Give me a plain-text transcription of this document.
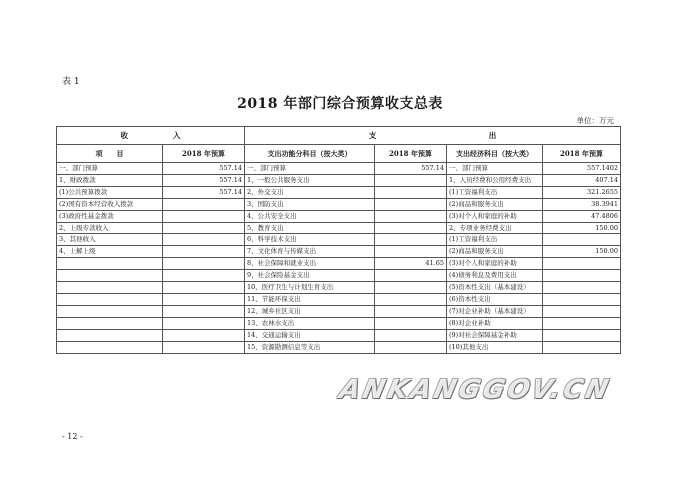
表 1
2018 年部门综合预算收支总表
单位：万元
收　　　　　　入		支　　　　　　　　　　　　　　　出			
项　　目	2018 年预算	支出功能分科目（按大类）	2018 年预算	支出经济科目（按大类）	2018 年预算
一、部门预算	557.14	一、部门预算	557.14	一、部门预算	557.1402
1、财政拨款	557.14	1、一般公共服务支出		1、人员经费和公用经费支出	407.14
(1)公共预算拨款	557.14	2、外交支出		(1)工资福利支出	321.2655
(2)国有资本经营收入拨款		3、国防支出		(2)商品和服务支出	38.3941
(3)政府性基金拨款		4、公共安全支出		(3)对个人和家庭的补助	47.4806
2、上级专款收入		5、教育支出		2、专项业务经费支出	150.00
3、其他收入		6、科学技术支出		(1)工资福利支出	
4、上解上级		7、文化体育与传媒支出		(2)商品和服务支出	150.00
		8、社会保障和就业支出	41.65	(3)对个人和家庭的补助	
		9、社会保险基金支出		(4)债务利息及费用支出	
		10、医疗卫生与计划生育支出		(5)资本性支出（基本建设）	
		11、节能环保支出		(6)资本性支出	
		12、城乡社区支出		(7)对企业补助（基本建设）	
		13、农林水支出		(8)对企业补助	
		14、交通运输支出		(9)对社会保障基金补助	
		15、资源勘测信息等支出		(10)其他支出	
- 12 -
ANKANGGOV.CN
